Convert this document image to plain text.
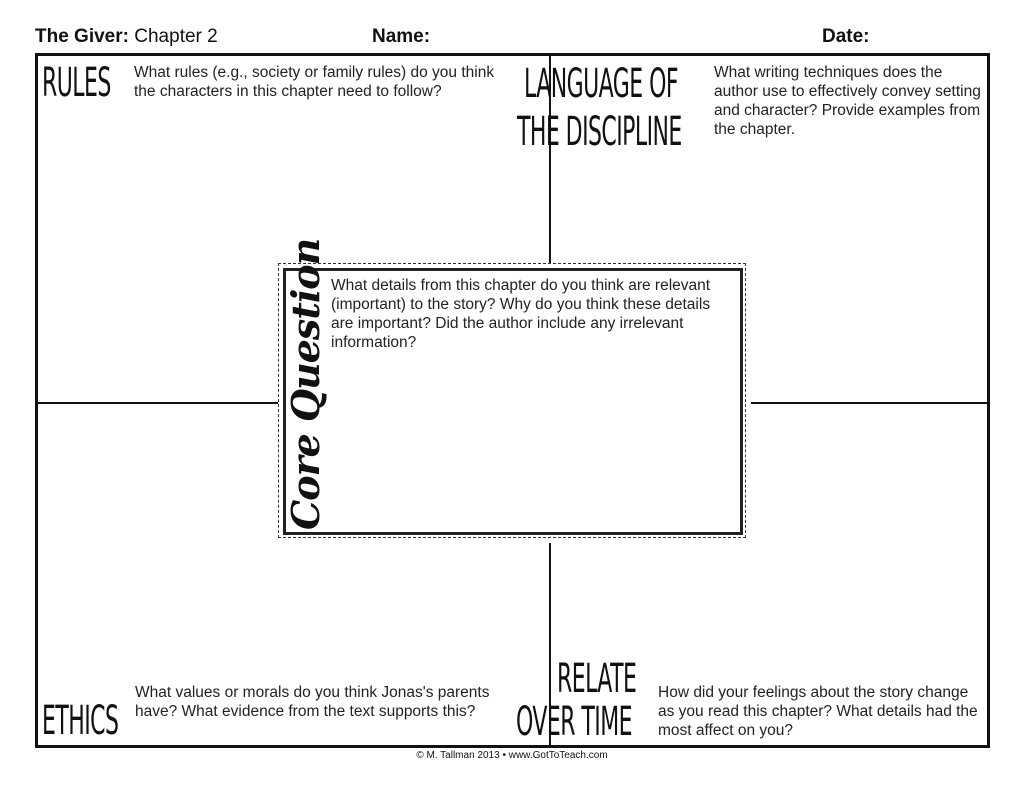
The Giver: Chapter 2	Name:	Date:
RULES What rules (e.g., society or family rules) do you think the characters in this chapter need to follow?	LANGUAGE OF
THE DISCIPLINE
What writing techniques does the author use to effectively convey setting and character? Provide examples from the chapter.
ETHICS
What values or morals do you think Jonas's parents have? What evidence from the text supports this?
RELATE
OVER TIME
How did your feelings about the story change as you read this chapter? What details had the most affect on you?
Core Question What details from this chapter do you think are relevant (important) to the story? Why do you think these details are important? Did the author include any irrelevant information?
© M. Tallman 2013 • www.GotToTeach.com
